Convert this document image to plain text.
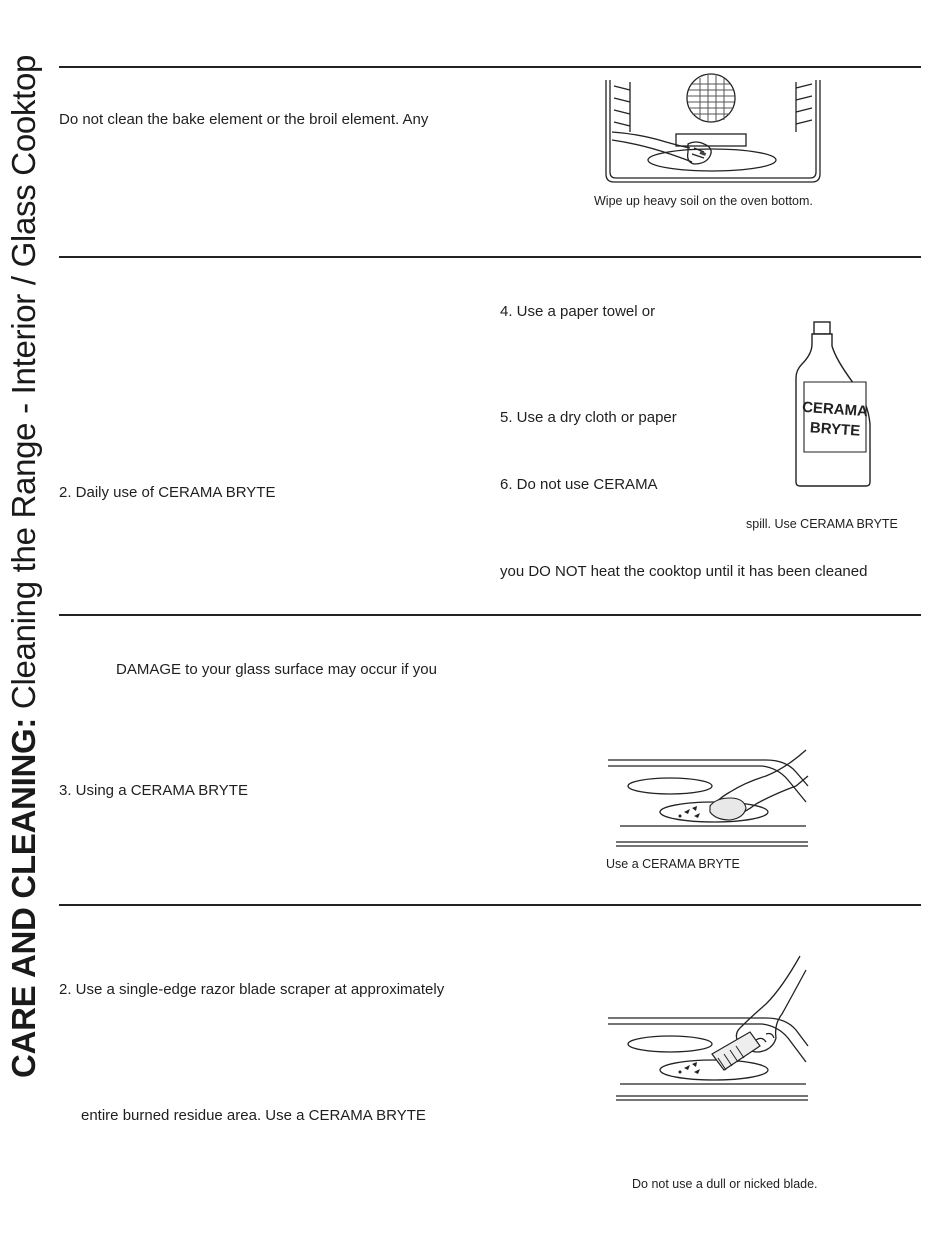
CARE AND CLEANING: Cleaning the Range - Interior / Glass Cooktop Do not clean the bake element or the broil element. Any
Wipe up heavy soil on the oven bottom.
4. Use a paper towel or
5. Use a dry cloth or paper
6. Do not use CERAMA
2. Daily use of CERAMA BRYTE
spill. Use CERAMA BRYTE
you DO NOT heat the cooktop until it has been cleaned
CERAMA
BRYTE
DAMAGE to your glass surface may occur if you
3. Using a CERAMA BRYTE
Use a CERAMA BRYTE
2. Use a single-edge razor blade scraper at approximately
entire burned residue area. Use a CERAMA BRYTE
Do not use a dull or nicked blade.
